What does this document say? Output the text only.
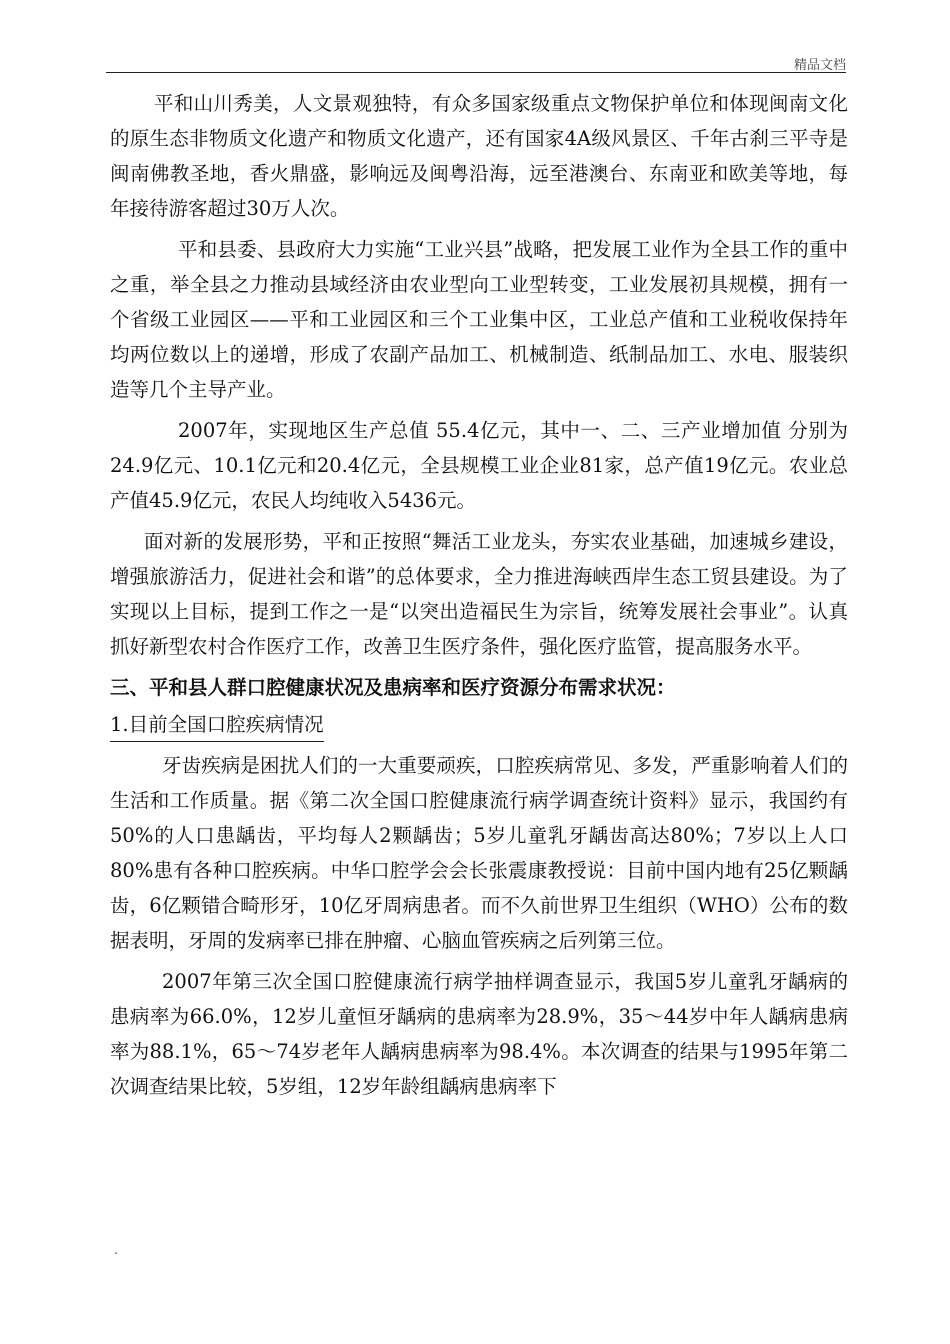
精品文档

平和山川秀美，人文景观独特，有众多国家级重点文物保护单位和体现闽南文化的原生态非物质文化遗产和物质文化遗产，还有国家4A级风景区、千年古刹三平寺是闽南佛教圣地，香火鼎盛，影响远及闽粤沿海，远至港澳台、东南亚和欧美等地，每年接待游客超过30万人次。

平和县委、县政府大力实施“工业兴县”战略，把发展工业作为全县工作的重中之重，举全县之力推动县域经济由农业型向工业型转变，工业发展初具规模，拥有一个省级工业园区——平和工业园区和三个工业集中区，工业总产值和工业税收保持年均两位数以上的递增，形成了农副产品加工、机械制造、纸制品加工、水电、服装织造等几个主导产业。

2007年，实现地区生产总值 55.4亿元，其中一、二、三产业增加值 分别为24.9亿元、10.1亿元和20.4亿元，全县规模工业企业81家，总产值19亿元。农业总产值45.9亿元，农民人均纯收入5436元。

面对新的发展形势，平和正按照“舞活工业龙头，夯实农业基础，加速城乡建设，增强旅游活力，促进社会和谐”的总体要求，全力推进海峡西岸生态工贸县建设。为了实现以上目标，提到工作之一是“以突出造福民生为宗旨，统筹发展社会事业”。认真抓好新型农村合作医疗工作，改善卫生医疗条件，强化医疗监管，提高服务水平。

三、平和县人群口腔健康状况及患病率和医疗资源分布需求状况：
1.目前全国口腔疾病情况

牙齿疾病是困扰人们的一大重要顽疾，口腔疾病常见、多发，严重影响着人们的生活和工作质量。据《第二次全国口腔健康流行病学调查统计资料》显示，我国约有50%的人口患龋齿，平均每人2颗龋齿；5岁儿童乳牙龋齿高达80%；7岁以上人口80%患有各种口腔疾病。中华口腔学会会长张震康教授说：目前中国内地有25亿颗龋齿，6亿颗错合畸形牙，10亿牙周病患者。而不久前世界卫生组织（WHO）公布的数据表明，牙周的发病率已排在肿瘤、心脑血管疾病之后列第三位。

2007年第三次全国口腔健康流行病学抽样调查显示，我国5岁儿童乳牙龋病的患病率为66.0%，12岁儿童恒牙龋病的患病率为28.9%，35～44岁中年人龋病患病率为88.1%，65～74岁老年人龋病患病率为98.4%。本次调查的结果与1995年第二次调查结果比较，5岁组，12岁年龄组龋病患病率下

.
